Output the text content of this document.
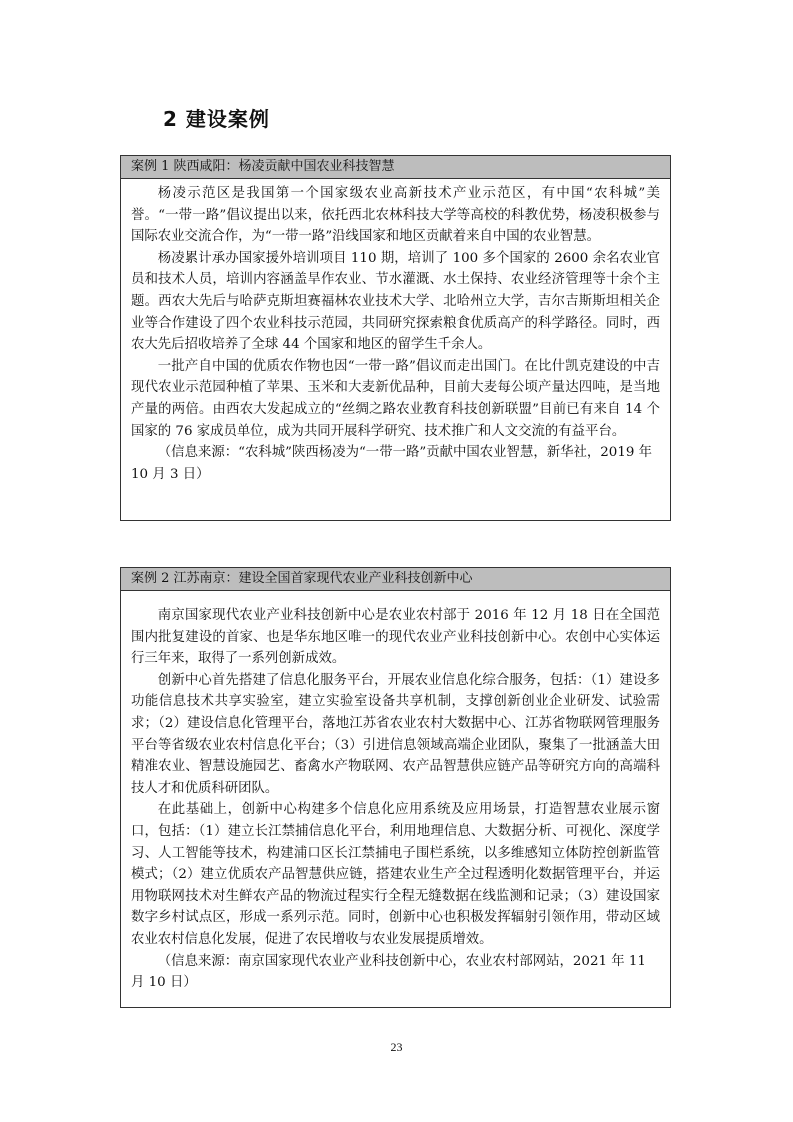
2 建设案例
案例 1 陕西咸阳：杨凌贡献中国农业科技智慧

杨凌示范区是我国第一个国家级农业高新技术产业示范区，有中国“农科城”美誉。“一带一路”倡议提出以来，依托西北农林科技大学等高校的科教优势，杨凌积极参与国际农业交流合作，为“一带一路”沿线国家和地区贡献着来自中国的农业智慧。

杨凌累计承办国家援外培训项目 110 期，培训了 100 多个国家的 2600 余名农业官员和技术人员，培训内容涵盖旱作农业、节水灌溉、水土保持、农业经济管理等十余个主题。西农大先后与哈萨克斯坦赛福林农业技术大学、北哈州立大学，吉尔吉斯斯坦相关企业等合作建设了四个农业科技示范园，共同研究探索粮食优质高产的科学路径。同时，西农大先后招收培养了全球 44 个国家和地区的留学生千余人。

一批产自中国的优质农作物也因“一带一路”倡议而走出国门。在比什凯克建设的中吉现代农业示范园种植了苹果、玉米和大麦新优品种，目前大麦每公顷产量达四吨，是当地产量的两倍。由西农大发起成立的“丝绸之路农业教育科技创新联盟”目前已有来自 14 个国家的 76 家成员单位，成为共同开展科学研究、技术推广和人文交流的有益平台。

（信息来源：“农科城”陕西杨凌为“一带一路”贡献中国农业智慧，新华社，2019 年 10 月 3 日）

案例 2 江苏南京：建设全国首家现代农业产业科技创新中心

南京国家现代农业产业科技创新中心是农业农村部于 2016 年 12 月 18 日在全国范围内批复建设的首家、也是华东地区唯一的现代农业产业科技创新中心。农创中心实体运行三年来，取得了一系列创新成效。

创新中心首先搭建了信息化服务平台，开展农业信息化综合服务，包括：（1）建设多功能信息技术共享实验室，建立实验室设备共享机制，支撑创新创业企业研发、试验需求；（2）建设信息化管理平台，落地江苏省农业农村大数据中心、江苏省物联网管理服务平台等省级农业农村信息化平台；（3）引进信息领域高端企业团队，聚集了一批涵盖大田精准农业、智慧设施园艺、畜禽水产物联网、农产品智慧供应链产品等研究方向的高端科技人才和优质科研团队。

在此基础上，创新中心构建多个信息化应用系统及应用场景，打造智慧农业展示窗口，包括：（1）建立长江禁捕信息化平台，利用地理信息、大数据分析、可视化、深度学习、人工智能等技术，构建浦口区长江禁捕电子围栏系统，以多维感知立体防控创新监管模式；（2）建立优质农产品智慧供应链，搭建农业生产全过程透明化数据管理平台，并运用物联网技术对生鲜农产品的物流过程实行全程无缝数据在线监测和记录；（3）建设国家数字乡村试点区，形成一系列示范。同时，创新中心也积极发挥辐射引领作用，带动区域农业农村信息化发展，促进了农民增收与农业发展提质增效。

（信息来源：南京国家现代农业产业科技创新中心，农业农村部网站，2021 年 11 月 10 日）

23
